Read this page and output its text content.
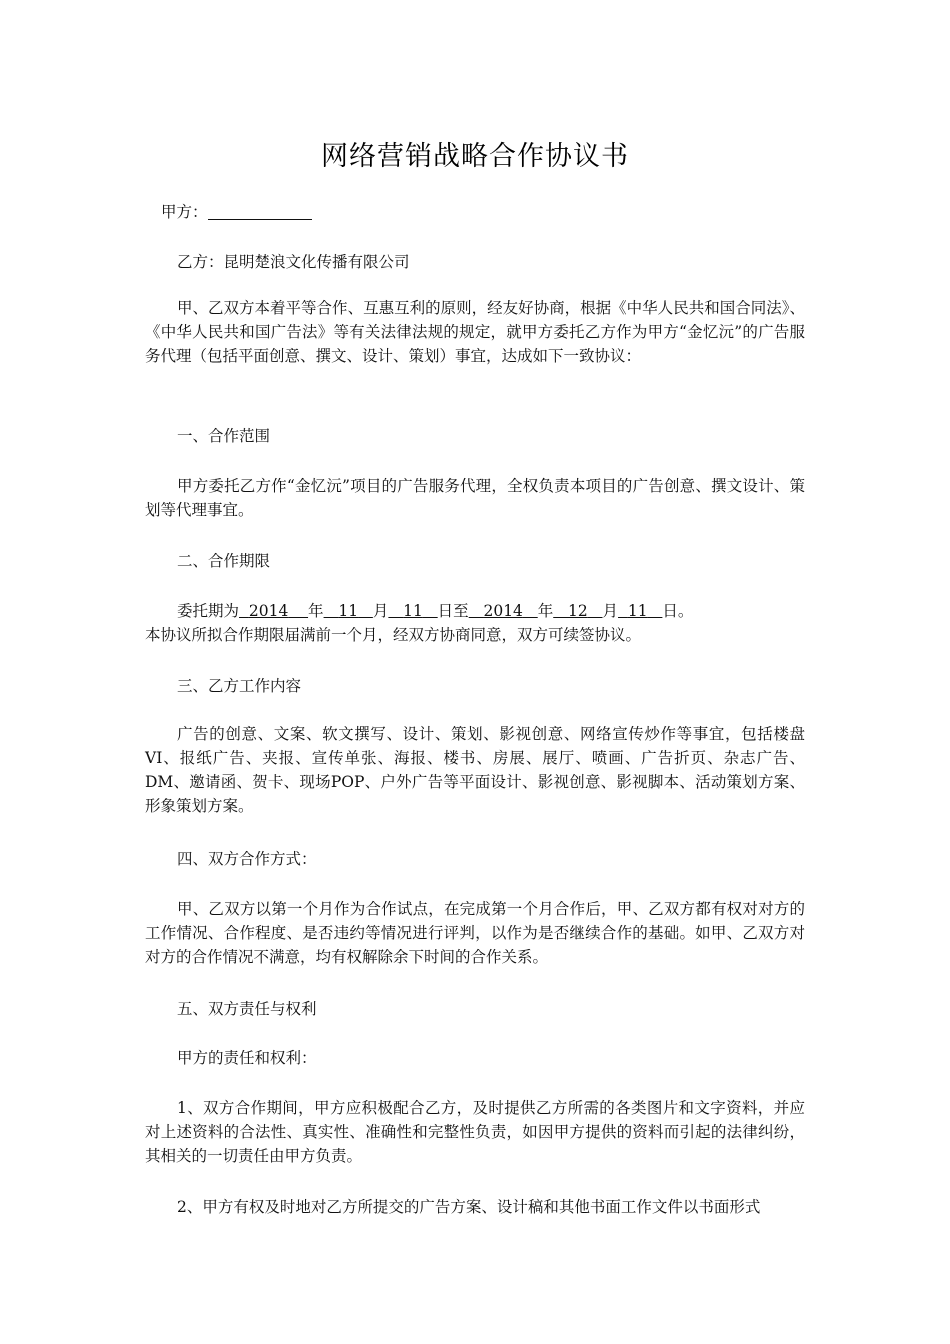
网络营销战略合作协议书

甲方：

乙方：昆明楚浪文化传播有限公司

甲、乙双方本着平等合作、互惠互利的原则，经友好协商，根据《中华人民共和国合同法》、《中华人民共和国广告法》等有关法律法规的规定，就甲方委托乙方作为甲方“金忆沅”的广告服务代理（包括平面创意、撰文、设计、策划）事宜，达成如下一致协议：

一、合作范围

甲方委托乙方作“金忆沅”项目的广告服务代理，全权负责本项目的广告创意、撰文设计、策划等代理事宜。

二、合作期限

委托期为 2014 年 11 月 11 日至 2014 年 12 月 11 日。

本协议所拟合作期限届满前一个月，经双方协商同意，双方可续签协议。

三、乙方工作内容

广告的创意、文案、软文撰写、设计、策划、影视创意、网络宣传炒作等事宜，包括楼盘VI、报纸广告、夹报、宣传单张、海报、楼书、房展、展厅、喷画、广告折页、杂志广告、DM、邀请函、贺卡、现场POP、户外广告等平面设计、影视创意、影视脚本、活动策划方案、形象策划方案。

四、双方合作方式：

甲、乙双方以第一个月作为合作试点，在完成第一个月合作后，甲、乙双方都有权对对方的工作情况、合作程度、是否违约等情况进行评判，以作为是否继续合作的基础。如甲、乙双方对对方的合作情况不满意，均有权解除余下时间的合作关系。

五、双方责任与权利

甲方的责任和权利：

1、双方合作期间，甲方应积极配合乙方，及时提供乙方所需的各类图片和文字资料，并应对上述资料的合法性、真实性、准确性和完整性负责，如因甲方提供的资料而引起的法律纠纷，其相关的一切责任由甲方负责。

2、甲方有权及时地对乙方所提交的广告方案、设计稿和其他书面工作文件以书面形式
